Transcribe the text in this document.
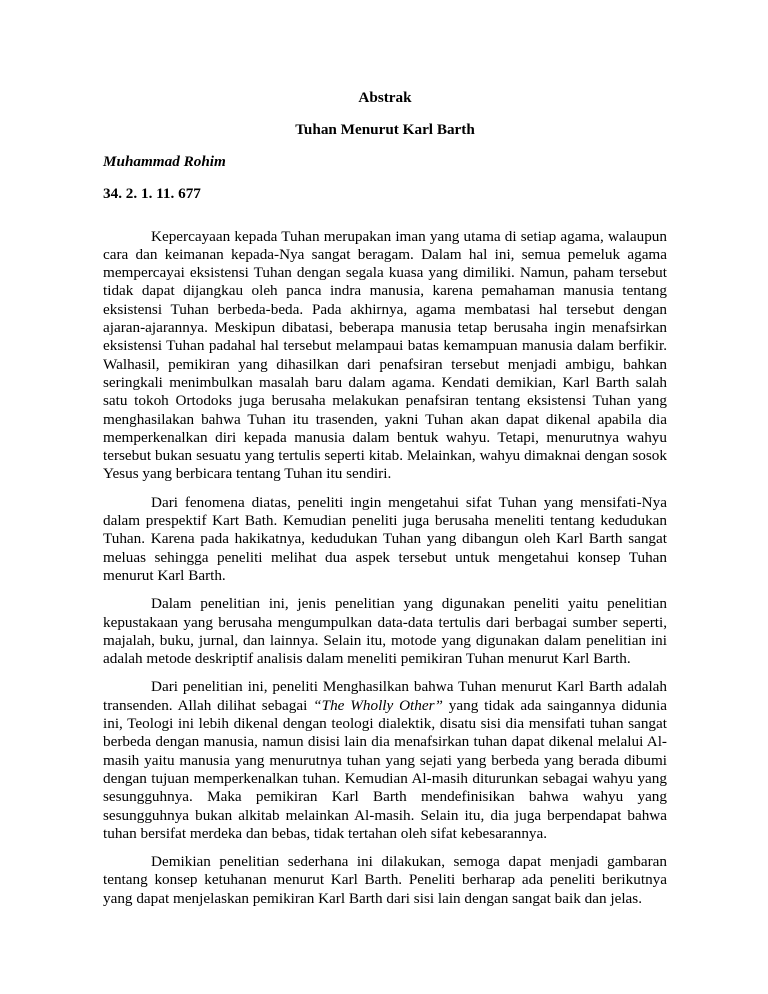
Abstrak

Tuhan Menurut Karl Barth

Muhammad Rohim

34. 2. 1. 11. 677

Kepercayaan kepada Tuhan merupakan iman yang utama di setiap agama, walaupun cara dan keimanan kepada-Nya sangat beragam. Dalam hal ini, semua pemeluk agama mempercayai eksistensi Tuhan dengan segala kuasa yang dimiliki. Namun, paham tersebut tidak dapat dijangkau oleh panca indra manusia, karena pemahaman manusia tentang eksistensi Tuhan berbeda-beda. Pada akhirnya, agama membatasi hal tersebut dengan ajaran-ajarannya. Meskipun dibatasi, beberapa manusia tetap berusaha ingin menafsirkan eksistensi Tuhan padahal hal tersebut melampaui batas kemampuan manusia dalam berfikir. Walhasil, pemikiran yang dihasilkan dari penafsiran tersebut menjadi ambigu, bahkan seringkali menimbulkan masalah baru dalam agama. Kendati demikian, Karl Barth salah satu tokoh Ortodoks juga berusaha melakukan penafsiran tentang eksistensi Tuhan yang menghasilakan bahwa Tuhan itu trasenden, yakni Tuhan akan dapat dikenal apabila dia memperkenalkan diri kepada manusia dalam bentuk wahyu. Tetapi, menurutnya wahyu tersebut bukan sesuatu yang tertulis seperti kitab. Melainkan, wahyu dimaknai dengan sosok Yesus yang berbicara tentang Tuhan itu sendiri.

Dari fenomena diatas, peneliti ingin mengetahui sifat Tuhan yang mensifati-Nya dalam prespektif Kart Bath. Kemudian peneliti juga berusaha meneliti tentang kedudukan Tuhan. Karena pada hakikatnya, kedudukan Tuhan yang dibangun oleh Karl Barth sangat meluas sehingga peneliti melihat dua aspek tersebut untuk mengetahui konsep Tuhan menurut Karl Barth.

Dalam penelitian ini, jenis penelitian yang digunakan peneliti yaitu penelitian kepustakaan yang berusaha mengumpulkan data-data tertulis dari berbagai sumber seperti, majalah, buku, jurnal, dan lainnya. Selain itu, motode yang digunakan dalam penelitian ini adalah metode deskriptif analisis dalam meneliti pemikiran Tuhan menurut Karl Barth.

Dari penelitian ini, peneliti Menghasilkan bahwa Tuhan menurut Karl Barth adalah transenden. Allah dilihat sebagai “The Wholly Other” yang tidak ada saingannya didunia ini, Teologi ini lebih dikenal dengan teologi dialektik, disatu sisi dia mensifati tuhan sangat berbeda dengan manusia, namun disisi lain dia menafsirkan tuhan dapat dikenal melalui Al-masih yaitu manusia yang menurutnya tuhan yang sejati yang berbeda yang berada dibumi dengan tujuan memperkenalkan tuhan. Kemudian Al-masih diturunkan sebagai wahyu yang sesungguhnya. Maka pemikiran Karl Barth mendefinisikan bahwa wahyu yang sesungguhnya bukan alkitab melainkan Al-masih. Selain itu, dia juga berpendapat bahwa tuhan bersifat merdeka dan bebas, tidak tertahan oleh sifat kebesarannya.

Demikian penelitian sederhana ini dilakukan, semoga dapat menjadi gambaran tentang konsep ketuhanan menurut Karl Barth. Peneliti berharap ada peneliti berikutnya yang dapat menjelaskan pemikiran Karl Barth dari sisi lain dengan sangat baik dan jelas.
